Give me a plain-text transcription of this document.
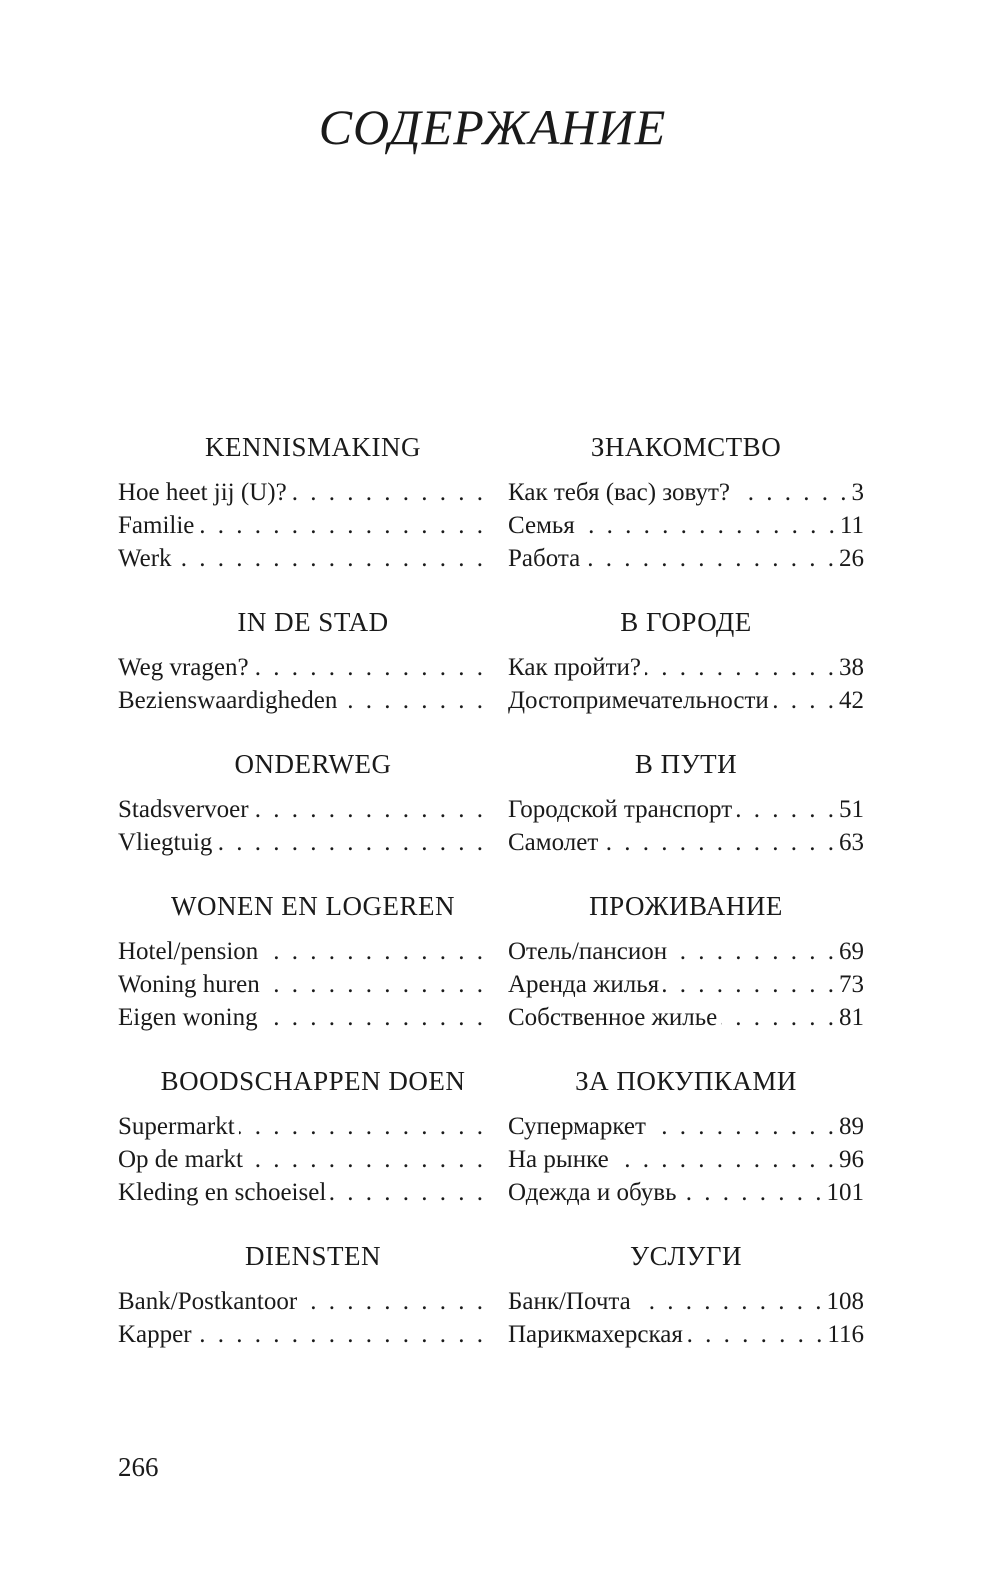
СОДЕРЖАНИЕ
KENNISMAKING	ЗНАКОМСТВО
Hoe heet jij (U)? . . .	Как тебя (вас) зовут? . . .	3
Familie . . .	Семья . . .	11
Werk . . .	Работа . . .	26
IN DE STAD	В ГОРОДЕ
Weg vragen? . . .	Как пройти? . . .	38
Bezienswaardigheden . . .	Достопримечательности . . .	42
ONDERWEG	В ПУТИ
Stadsvervoer . . .	Городской транспорт . . .	51
Vliegtuig . . .	Самолет . . .	63
WONEN EN LOGEREN	ПРОЖИВАНИЕ
Hotel/pension . . .	Отель/пансион . . .	69
Woning huren . . .	Аренда жилья . . .	73
Eigen woning . . .	Собственное жилье . . .	81
BOODSCHAPPEN DOEN	ЗА ПОКУПКАМИ
Supermarkt . . .	Супермаркет . . .	89
Op de markt . . .	На рынке . . .	96
Kleding en schoeisel . . .	Одежда и обувь . . .	101
DIENSTEN	УСЛУГИ
Bank/Postkantoor . . .	Банк/Почта . . .	108
Kapper . . .	Парикмахерская . . .	116

266
